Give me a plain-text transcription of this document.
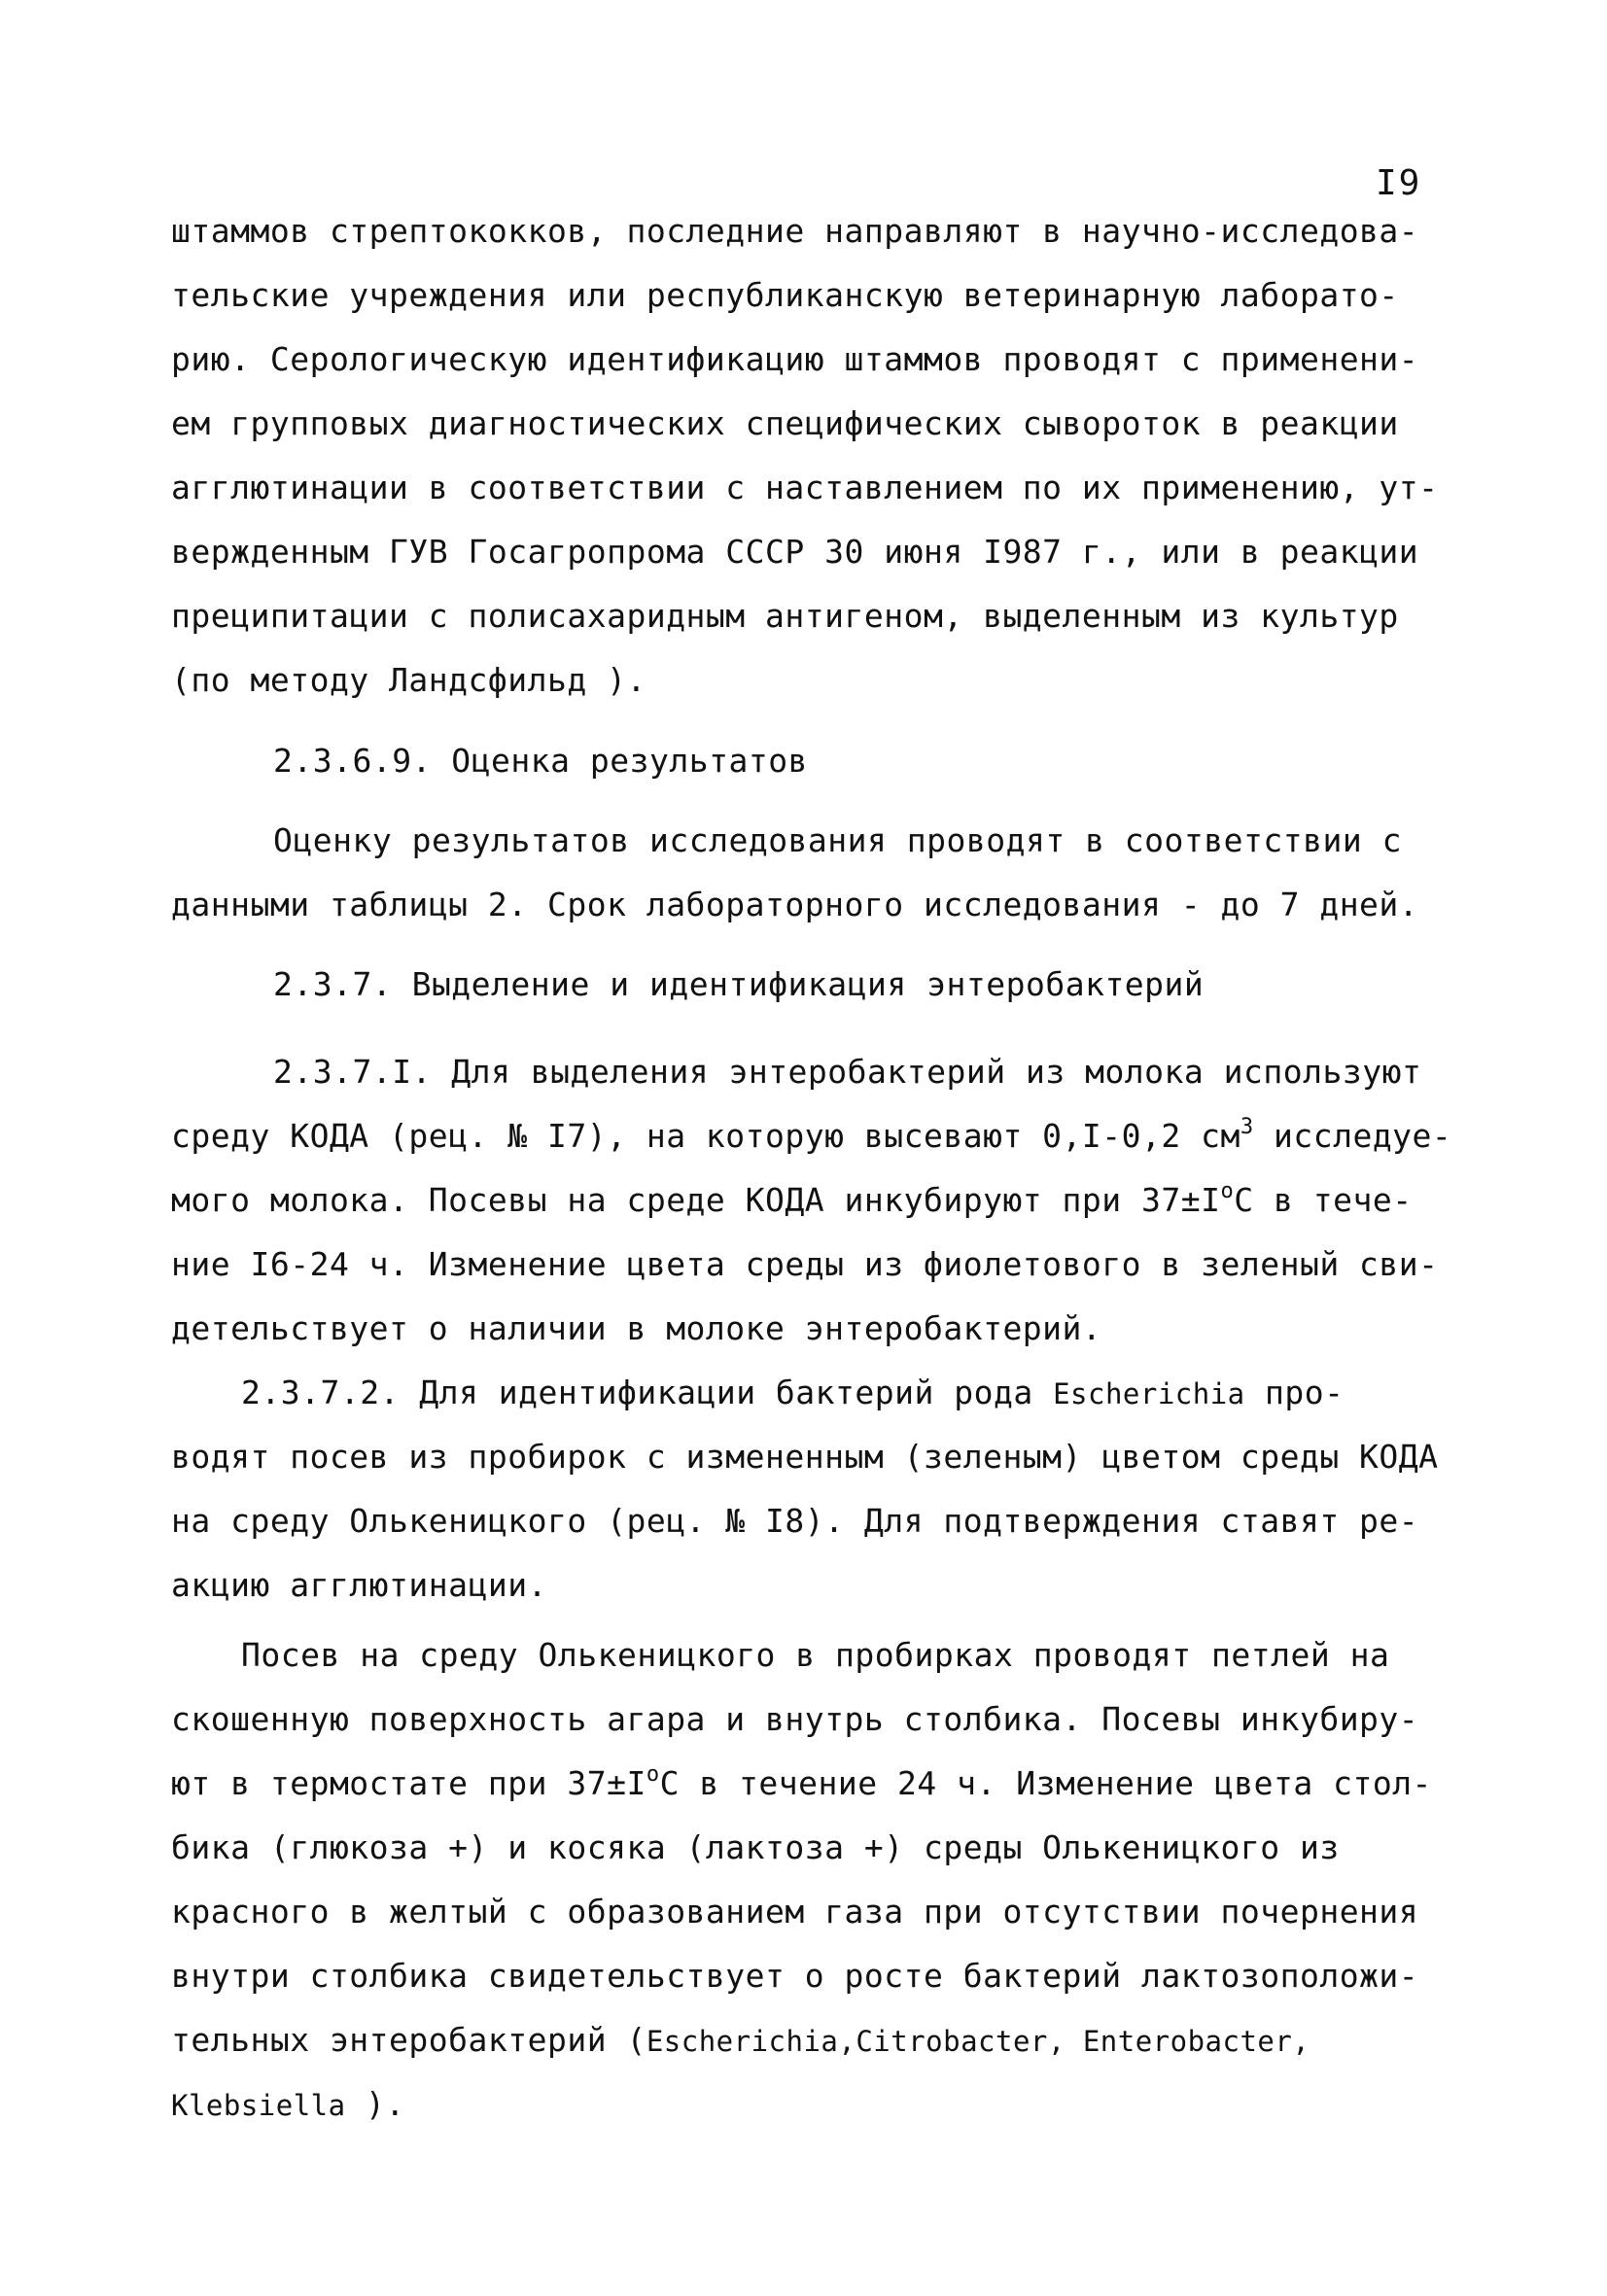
I9
штаммов стрептококков, последние направляют в научно-исследова-
тельские учреждения или республиканскую ветеринарную лаборато-
рию. Серологическую идентификацию штаммов проводят с применени-
ем групповых диагностических специфических сывороток в реакции
агглютинации в соответствии с наставлением по их применению, ут-
вержденным ГУВ Госагропрома СССР 30 июня I987 г., или в реакции
преципитации с полисахаридным антигеном, выделенным из культур
(по методу Ландсфильд ).
2.3.6.9. Оценка результатов
Оценку результатов исследования проводят в соответствии с
данными таблицы 2. Срок лабораторного исследования - до 7 дней.
2.3.7. Выделение и идентификация энтеробактерий
2.3.7.I. Для выделения энтеробактерий из молока используют
среду КОДА (рец. № I7), на которую высевают 0,I-0,2 $см^3$ исследуе-
мого молока. Посевы на среде КОДА инкубируют при $37\pm I^оС$ в тече-
ние I6-24 ч. Изменение цвета среды из фиолетового в зеленый сви-
детельствует о наличии в молоке энтеробактерий.
2.3.7.2. Для идентификации бактерий рода Escherichia про-
водят посев из пробирок с измененным (зеленым) цветом среды КОДА
на среду Олькеницкого (рец. № I8). Для подтверждения ставят ре-
акцию агглютинации.
Посев на среду Олькеницкого в пробирках проводят петлей на
скошенную поверхность агара и внутрь столбика. Посевы инкубиру-
ют в термостате при $37\pm I^оС$ в течение 24 ч. Изменение цвета стол-
бика (глюкоза +) и косяка (лактоза +) среды Олькеницкого из
красного в желтый с образованием газа при отсутствии почернения
внутри столбика свидетельствует о росте бактерий лактозоположи-
тельных энтеробактерий (Escherichia,Citrobacter, Enterobacter,
Klebsiella ).
